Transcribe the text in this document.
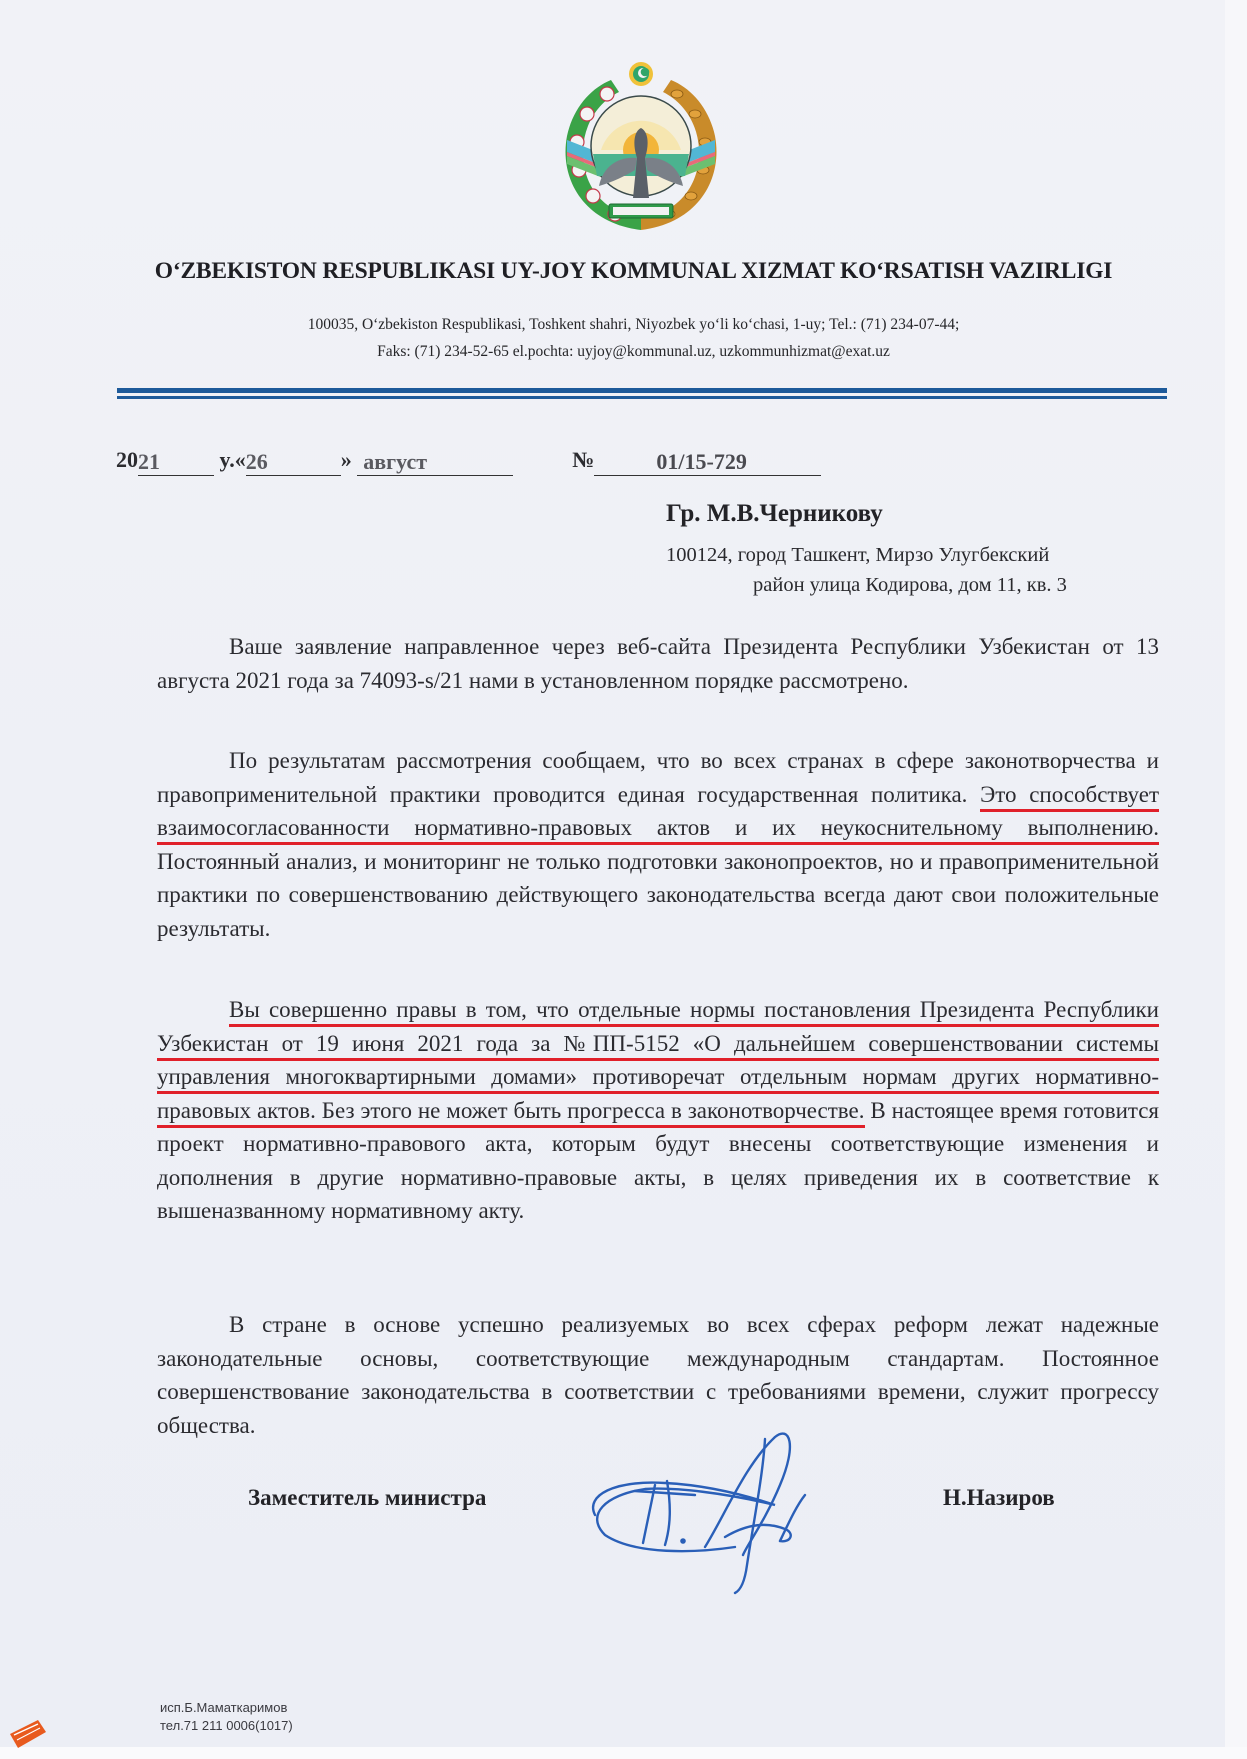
O‘ZBEKISTON RESPUBLIKASI UY-JOY KOMMUNAL XIZMAT KO‘RSATISH VAZIRLIGI
100035, O‘zbekiston Respublikasi, Toshkent shahri, Niyozbek yo‘li ko‘chasi, 1-uy; Tel.: (71) 234-07-44;
Faks: (71) 234-52-65 el.pochta: uyjoy@kommunal.uz, uzkommunhizmat@exat.uz
2021	y.«26	» август	№	01/15-729
Гр. М.В.Черникову
100124, город Ташкент, Мирзо Улугбекский
район улица Кодирова, дом 11, кв. 3

Ваше заявление направленное через веб-сайта Президента Республики Узбекистан от 13 августа 2021 года за 74093-s/21 нами в установленном порядке рассмотрено.

По результатам рассмотрения сообщаем, что во всех странах в сфере законотворчества и правоприменительной практики проводится единая государственная политика. Это способствует взаимосогласованности нормативно-правовых актов и их неукоснительному выполнению. Постоянный анализ, и мониторинг не только подготовки законопроектов, но и правоприменительной практики по совершенствованию действующего законодательства всегда дают свои положительные результаты.

Вы совершенно правы в том, что отдельные нормы постановления Президента Республики Узбекистан от 19 июня 2021 года за №ПП-5152 «О дальнейшем совершенствовании системы управления многоквартирными домами» противоречат отдельным нормам других нормативно-правовых актов. Без этого не может быть прогресса в законотворчестве. В настоящее время готовится проект нормативно-правового акта, которым будут внесены соответствующие изменения и дополнения в другие нормативно-правовые акты, в целях приведения их в соответствие к вышеназванному нормативному акту.

В стране в основе успешно реализуемых во всех сферах реформ лежат надежные законодательные основы, соответствующие международным стандартам. Постоянное совершенствование законодательства в соответствии с требованиями времени, служит прогрессу общества.

Заместитель министра	Н.Назиров
исп.Б.Маматкаримов
тел.71 211 0006(1017)
